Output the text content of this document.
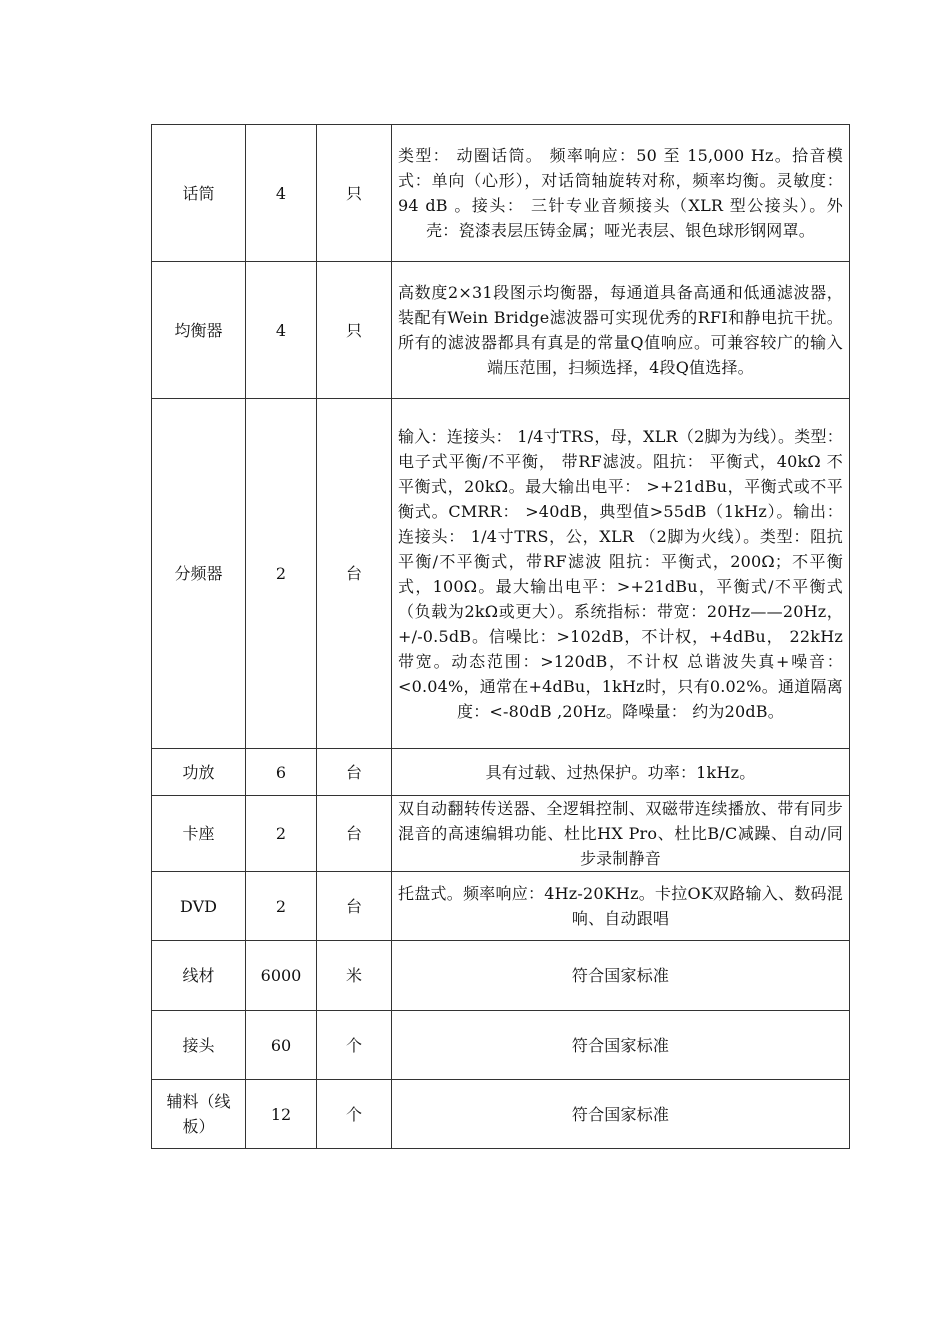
话筒	4	只	类型： 动圈话筒。 频率响应：50 至 15,000 Hz。拾音模式：单向（心形），对话筒轴旋转对称，频率均衡。灵敏度： 94 dB 。接头： 三针专业音频接头（XLR 型公接头）。外壳：瓷漆表层压铸金属；哑光表层、银色球形钢网罩。
均衡器	4	只	高数度2×31段图示均衡器，每通道具备高通和低通滤波器，装配有Wein Bridge滤波器可实现优秀的RFI和静电抗干扰。所有的滤波器都具有真是的常量Q值响应。可兼容较广的输入端压范围，扫频选择，4段Q值选择。
分频器	2	台	输入：连接头： 1/4寸TRS，母，XLR（2脚为为线）。类型： 电子式平衡/不平衡， 带RF滤波。阻抗： 平衡式，40kΩ 不平衡式，20kΩ。最大输出电平： >+21dBu，平衡式或不平衡式。CMRR： >40dB，典型值>55dB（1kHz）。输出：连接头： 1/4寸TRS，公，XLR （2脚为火线）。类型：阻抗平衡/不平衡式，带RF滤波 阻抗：平衡式，200Ω；不平衡式，100Ω。最大输出电平：>+21dBu，平衡式/不平衡式 （负载为2kΩ或更大）。系统指标：带宽：20Hz——20Hz，+/-0.5dB。信噪比：>102dB，不计权，+4dBu， 22kHz带宽。动态范围：>120dB，不计权 总谐波失真+噪音：<0.04%，通常在+4dBu，1kHz时，只有0.02%。通道隔离度：<-80dB ,20Hz。降噪量： 约为20dB。
功放	6	台	具有过载、过热保护。功率：1kHz。
卡座	2	台	双自动翻转传送器、全逻辑控制、双磁带连续播放、带有同步混音的高速编辑功能、杜比HX Pro、杜比B/C减躁、自动/同步录制静音
DVD	2	台	托盘式。频率响应：4Hz-20KHz。卡拉OK双路输入、数码混响、自动跟唱
线材	6000	米	符合国家标准
接头	60	个	符合国家标准
辅料（线板）	12	个	符合国家标准
